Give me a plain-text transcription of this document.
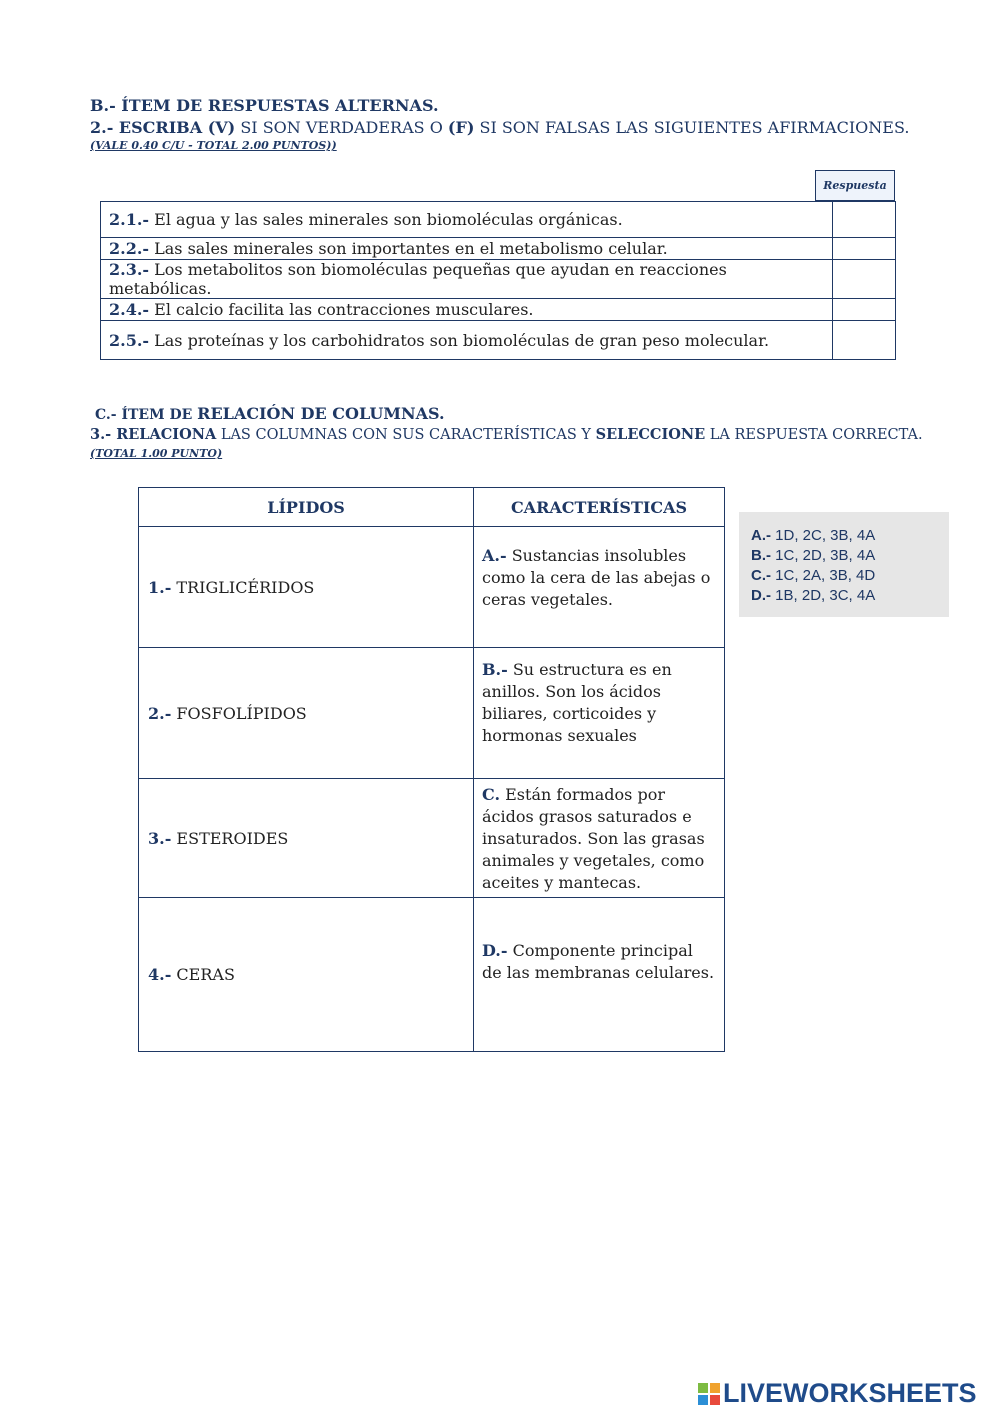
B.- ÍTEM DE RESPUESTAS ALTERNAS.
2.- ESCRIBA (V) SI SON VERDADERAS O (F) SI SON FALSAS LAS SIGUIENTES AFIRMACIONES.
(VALE 0.40 C/U - TOTAL 2.00 PUNTOS))
Respuesta
2.1.- El agua y las sales minerales son biomoléculas orgánicas.	
2.2.- Las sales minerales son importantes en el metabolismo celular.	
2.3.- Los metabolitos son biomoléculas pequeñas que ayudan en reacciones metabólicas.	
2.4.- El calcio facilita las contracciones musculares.	
2.5.- Las proteínas y los carbohidratos son biomoléculas de gran peso molecular.	
C.- ÍTEM DE RELACIÓN DE COLUMNAS.
3.- RELACIONA LAS COLUMNAS CON SUS CARACTERÍSTICAS Y SELECCIONE LA RESPUESTA CORRECTA.
(TOTAL 1.00 PUNTO)
LÍPIDOS	CARACTERÍSTICAS
1.- TRIGLICÉRIDOS	A.- Sustancias insolubles como la cera de las abejas o ceras vegetales.
2.- FOSFOLÍPIDOS	B.- Su estructura es en anillos. Son los ácidos biliares, corticoides y hormonas sexuales
3.- ESTEROIDES	C. Están formados por ácidos grasos saturados e insaturados. Son las grasas animales y vegetales, como aceites y mantecas.
4.- CERAS	D.- Componente principal de las membranas celulares.
A.- 1D, 2C, 3B, 4A
B.- 1C, 2D, 3B, 4A
C.- 1C, 2A, 3B, 4D
D.- 1B, 2D, 3C, 4A
LIVEWORKSHEETS
